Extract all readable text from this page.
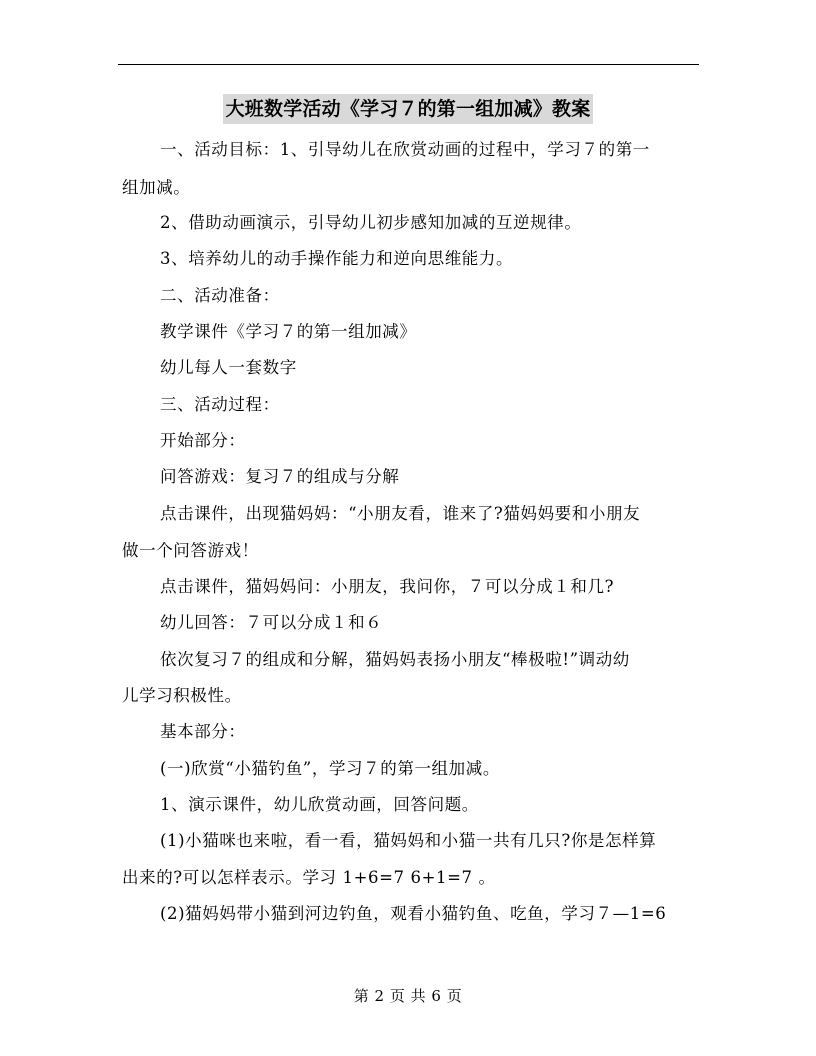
大班数学活动《学习７的第一组加减》教案
一、活动目标：1、引导幼儿在欣赏动画的过程中，学习７的第一
组加减。
2、借助动画演示，引导幼儿初步感知加减的互逆规律。
3、培养幼儿的动手操作能力和逆向思维能力。
二、活动准备：
教学课件《学习７的第一组加减》
幼儿每人一套数字
三、活动过程：
开始部分：
问答游戏：复习７的组成与分解
点击课件，出现猫妈妈：“小朋友看，谁来了?猫妈妈要和小朋友
做一个问答游戏！
点击课件，猫妈妈问：小朋友，我问你，７可以分成１和几?
幼儿回答：７可以分成１和６
依次复习７的组成和分解，猫妈妈表扬小朋友“棒极啦!”调动幼
儿学习积极性。
基本部分：
(一)欣赏“小猫钓鱼”，学习７的第一组加减。
1、演示课件，幼儿欣赏动画，回答问题。
(1)小猫咪也来啦，看一看，猫妈妈和小猫一共有几只?你是怎样算
出来的?可以怎样表示。学习 1+6=7 6+1=7 。
(2)猫妈妈带小猫到河边钓鱼，观看小猫钓鱼、吃鱼，学习７—1=6
第 2 页 共 6 页
